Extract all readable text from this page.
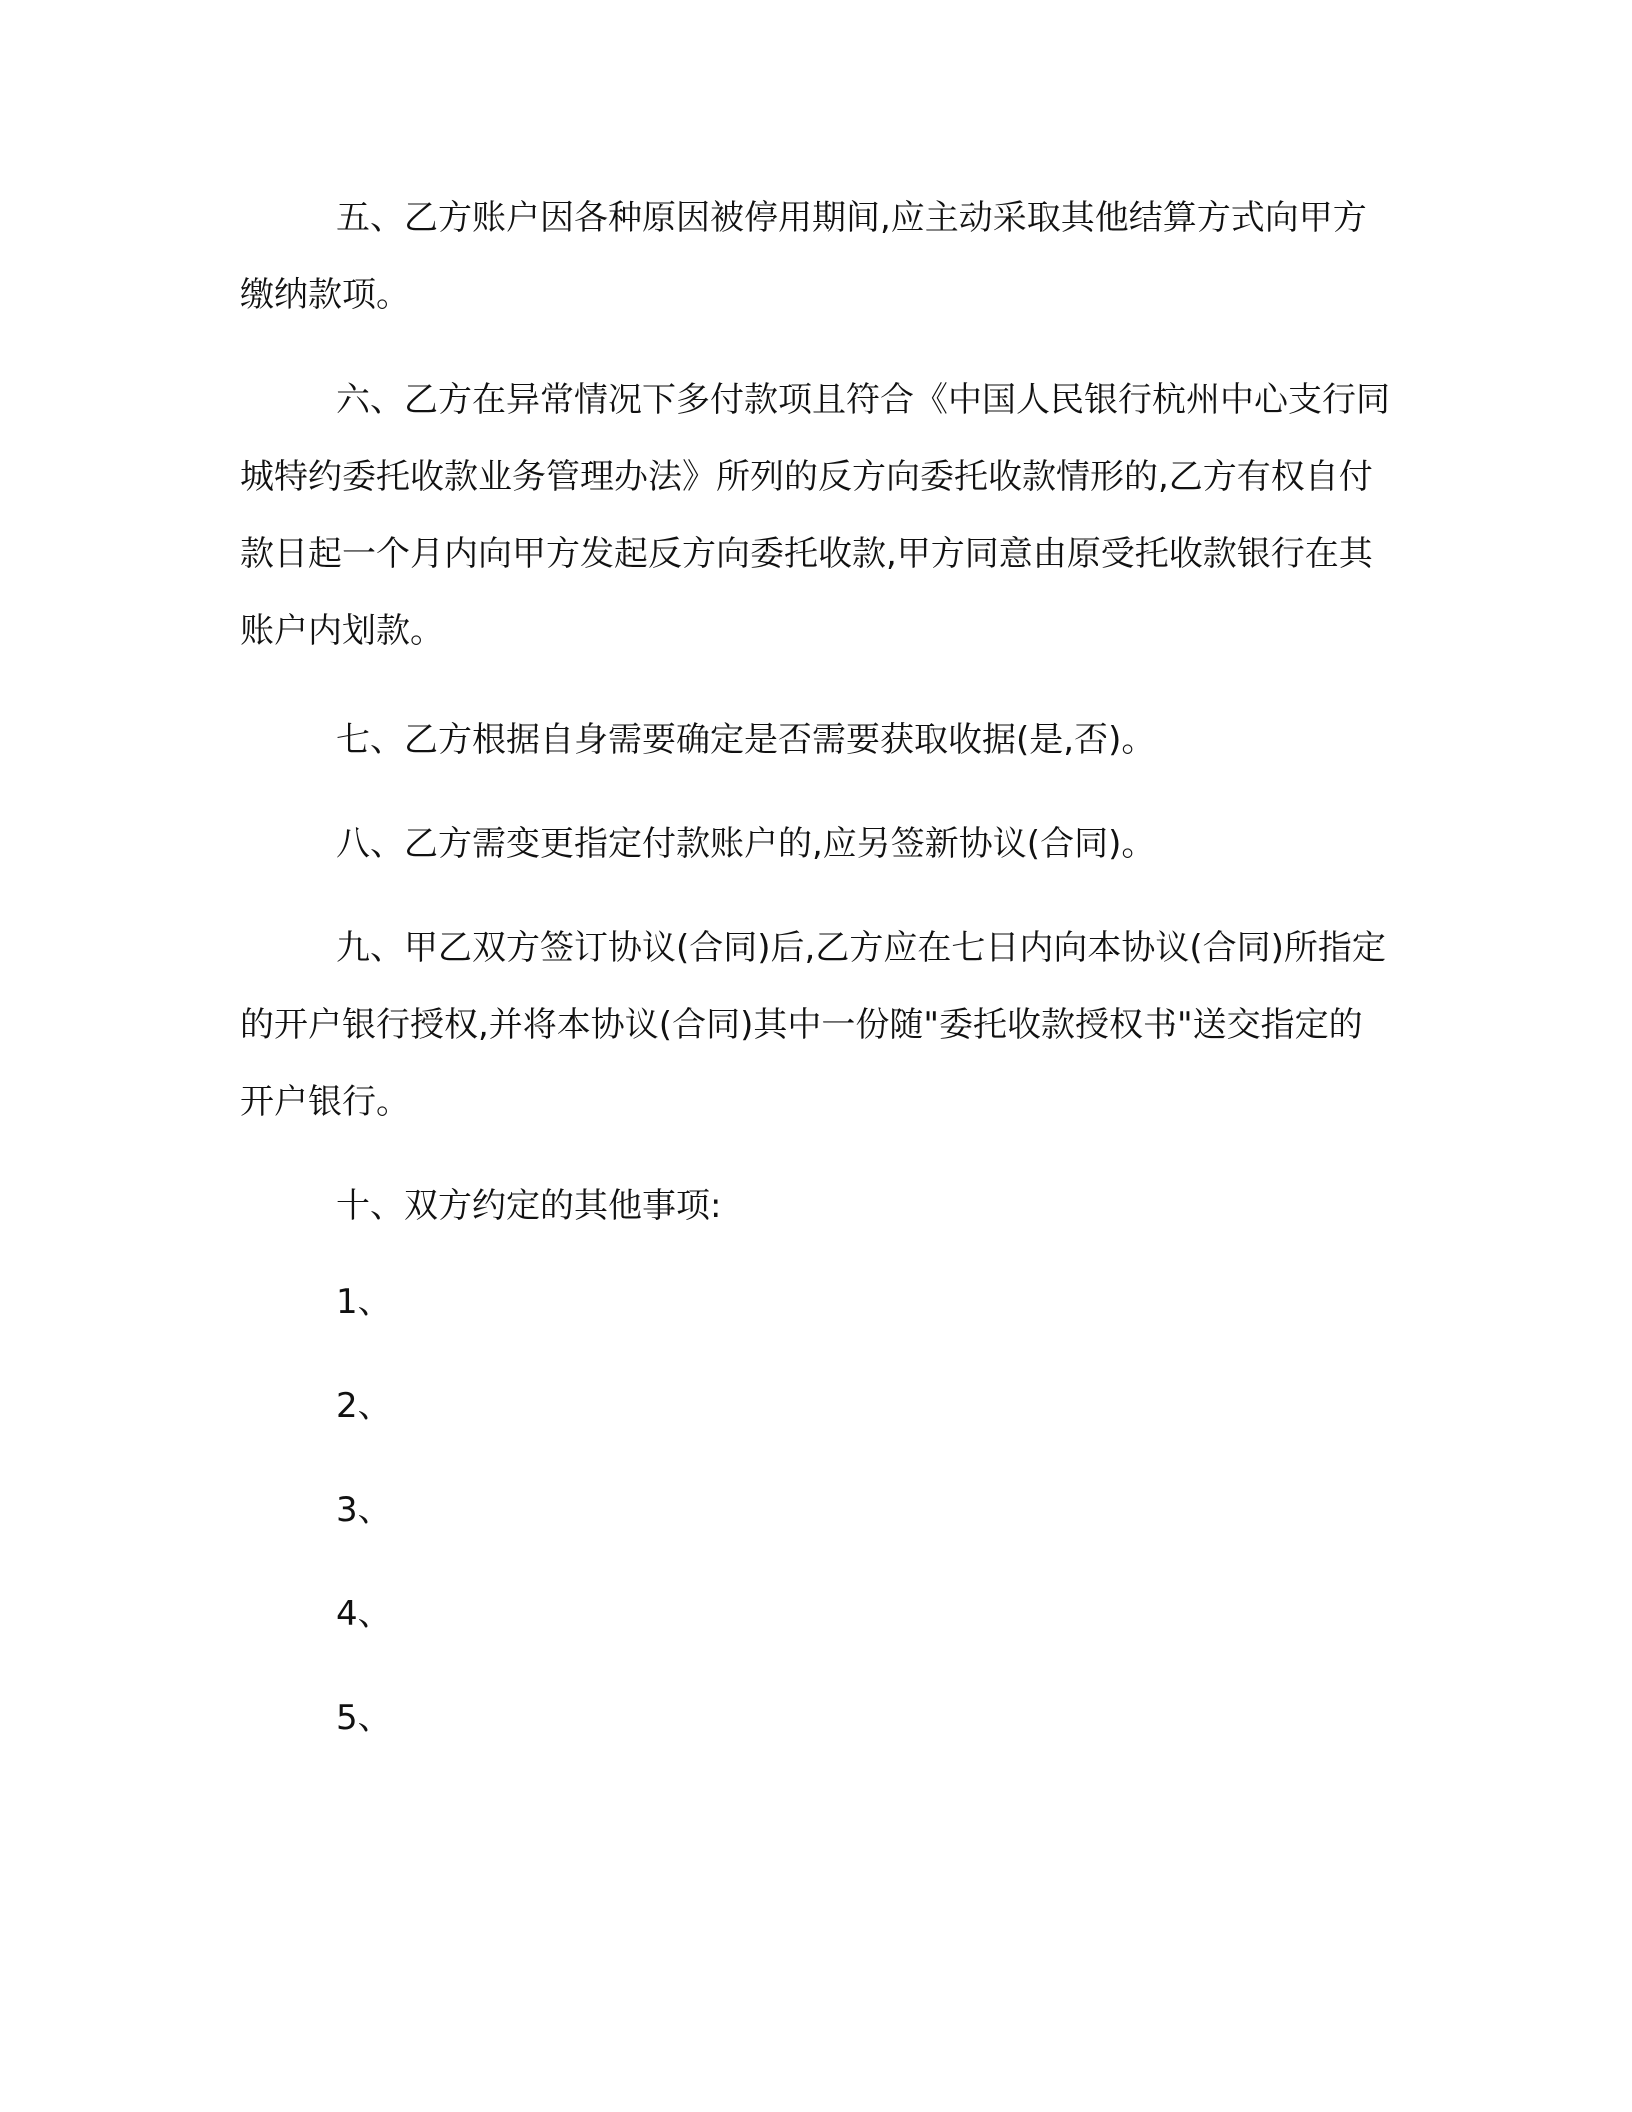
五、乙方账户因各种原因被停用期间,应主动采取其他结算方式向甲方缴纳款项。

六、乙方在异常情况下多付款项且符合《中国人民银行杭州中心支行同城特约委托收款业务管理办法》所列的反方向委托收款情形的,乙方有权自付款日起一个月内向甲方发起反方向委托收款,甲方同意由原受托收款银行在其账户内划款。

七、乙方根据自身需要确定是否需要获取收据(是,否)。

八、乙方需变更指定付款账户的,应另签新协议(合同)。

九、甲乙双方签订协议(合同)后,乙方应在七日内向本协议(合同)所指定的开户银行授权,并将本协议(合同)其中一份随"委托收款授权书"送交指定的开户银行。

十、双方约定的其他事项:

1、

2、

3、

4、

5、
